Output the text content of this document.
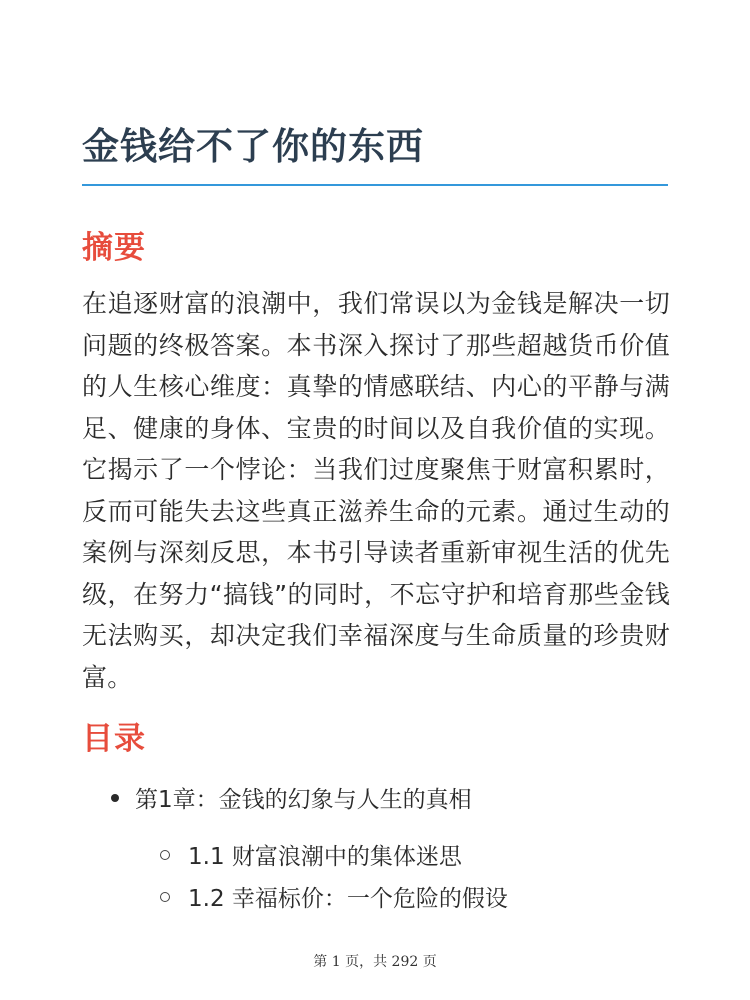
金钱给不了你的东西
摘要

在追逐财富的浪潮中，我们常误以为金钱是解决一切问题的终极答案。本书深入探讨了那些超越货币价值的人生核心维度：真挚的情感联结、内心的平静与满足、健康的身体、宝贵的时间以及自我价值的实现。它揭示了一个悖论：当我们过度聚焦于财富积累时，反而可能失去这些真正滋养生命的元素。通过生动的案例与深刻反思，本书引导读者重新审视生活的优先级，在努力“搞钱”的同时，不忘守护和培育那些金钱无法购买，却决定我们幸福深度与生命质量的珍贵财富。

目录
第1章：金钱的幻象与人生的真相
1.1 财富浪潮中的集体迷思
1.2 幸福标价：一个危险的假设
第 1 页，共 292 页
